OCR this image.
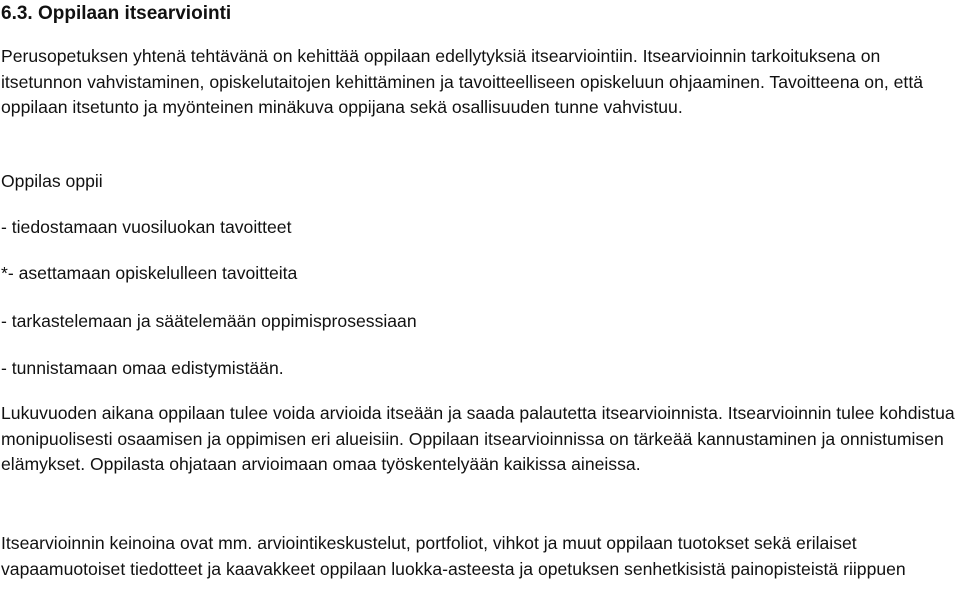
6.3. Oppilaan itsearviointi

Perusopetuksen yhtenä tehtävänä on kehittää oppilaan edellytyksiä itsearviointiin. Itsearvioinnin tarkoituksena on itsetunnon vahvistaminen, opiskelutaitojen kehittäminen ja tavoitteelliseen opiskeluun ohjaaminen. Tavoitteena on, että oppilaan itsetunto ja myönteinen minäkuva oppijana sekä osallisuuden tunne vahvistuu.

Oppilas oppii

- tiedostamaan vuosiluokan tavoitteet

*- asettamaan opiskelulleen tavoitteita

- tarkastelemaan ja säätelemään oppimisprosessiaan

- tunnistamaan omaa edistymistään.

Lukuvuoden aikana oppilaan tulee voida arvioida itseään ja saada palautetta itsearvioinnista. Itsearvioinnin tulee kohdistua monipuolisesti osaamisen ja oppimisen eri alueisiin. Oppilaan itsearvioinnissa on tärkeää kannustaminen ja onnistumisen elämykset. Oppilasta ohjataan arvioimaan omaa työskentelyään kaikissa aineissa.

Itsearvioinnin keinoina ovat mm. arviointikeskustelut, portfoliot, vihkot ja muut oppilaan tuotokset sekä erilaiset vapaamuotoiset tiedotteet ja kaavakkeet oppilaan luokka-asteesta ja opetuksen senhetkisistä painopisteistä riippuen
